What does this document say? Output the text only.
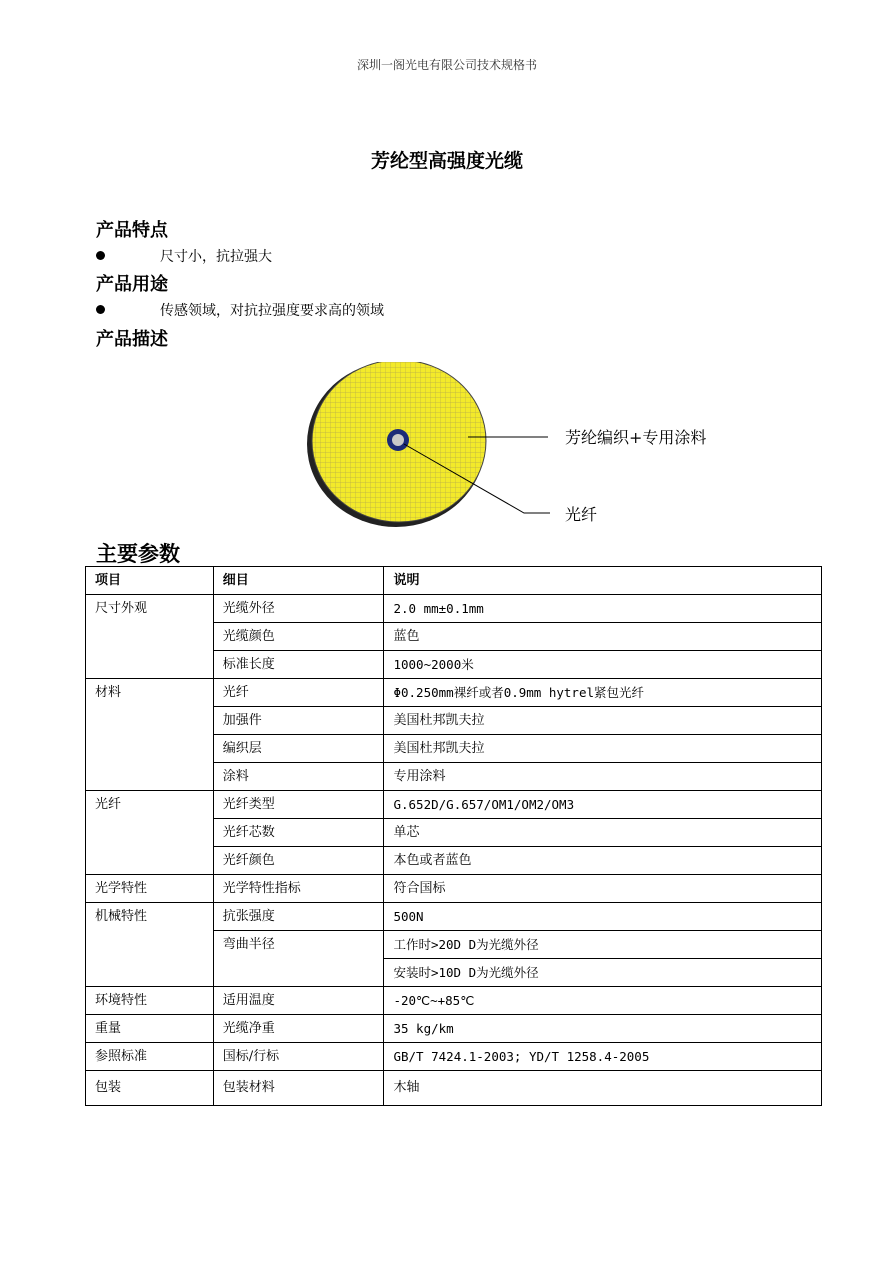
深圳一阁光电有限公司技术规格书
芳纶型高强度光缆
产品特点
尺寸小，抗拉强大
产品用途
传感领域，对抗拉强度要求高的领域
产品描述
芳纶编织+专用涂料
光纤
主要参数
项目	细目	说明
尺寸外观	光缆外径	2.0 mm±0.1mm
	光缆颜色	蓝色
	标准长度	1000~2000米
材料	光纤	Φ0.250mm裸纤或者0.9mm hytrel紧包光纤
	加强件	美国杜邦凯夫拉
	编织层	美国杜邦凯夫拉
	涂料	专用涂料
光纤	光纤类型	G.652D/G.657/OM1/OM2/OM3
	光纤芯数	单芯
	光纤颜色	本色或者蓝色
光学特性	光学特性指标	符合国标
机械特性	抗张强度	500N
	弯曲半径	工作时>20D D为光缆外径
		安装时>10D D为光缆外径
环境特性	适用温度	-20℃~+85℃
重量	光缆净重	35 kg/km
参照标准	国标/行标	GB/T 7424.1-2003; YD/T 1258.4-2005
包装	包装材料	木轴
